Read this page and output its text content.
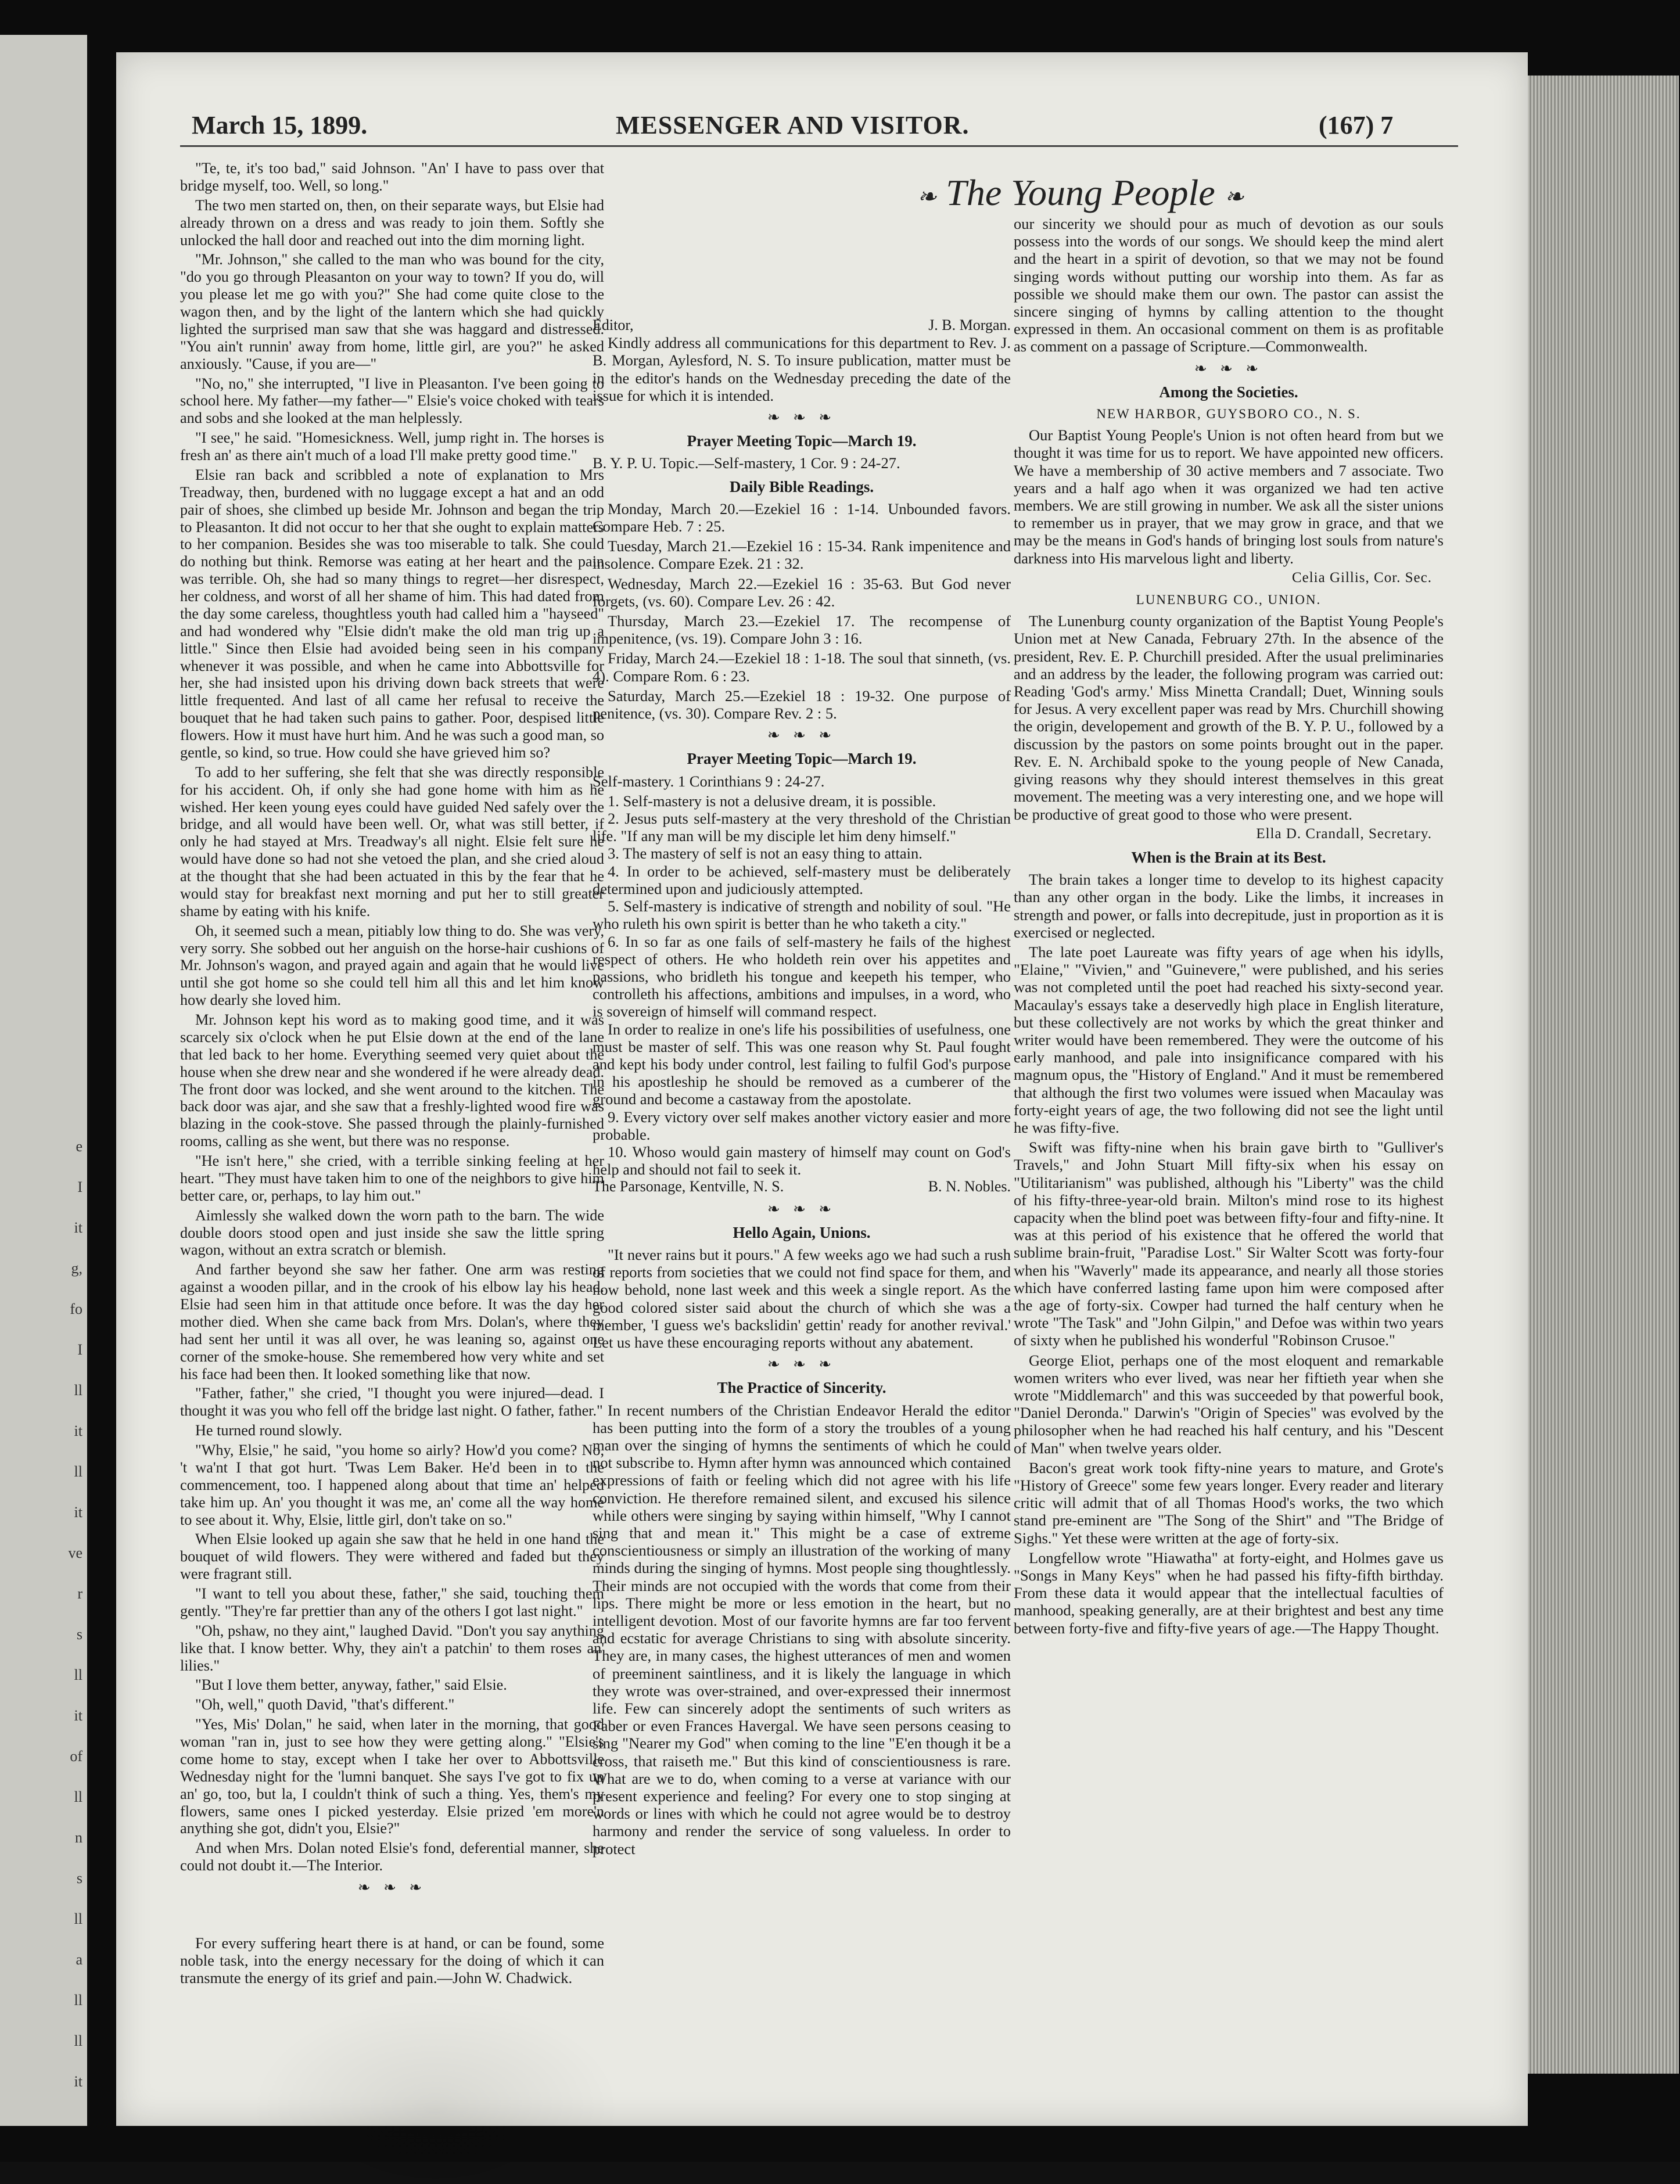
e
I
it
g,
fo
I
ll
it
ll
it
ve
r
s
ll
it
of
ll
n
s
ll
a
ll
ll
it
March 15, 1899.	MESSENGER AND VISITOR.	(167) 7
❧ The Young People ❧

"Te, te, it's too bad," said Johnson. "An' I have to pass over that bridge myself, too. Well, so long."

The two men started on, then, on their separate ways, but Elsie had already thrown on a dress and was ready to join them. Softly she unlocked the hall door and reached out into the dim morning light.

"Mr. Johnson," she called to the man who was bound for the city, "do you go through Pleasanton on your way to town? If you do, will you please let me go with you?" She had come quite close to the wagon then, and by the light of the lantern which she had quickly lighted the surprised man saw that she was haggard and distressed. "You ain't runnin' away from home, little girl, are you?" he asked anxiously. "Cause, if you are—"

"No, no," she interrupted, "I live in Pleasanton. I've been going to school here. My father—my father—" Elsie's voice choked with tears and sobs and she looked at the man helplessly.

"I see," he said. "Homesickness. Well, jump right in. The horses is fresh an' as there ain't much of a load I'll make pretty good time."

Elsie ran back and scribbled a note of explanation to Mrs Treadway, then, burdened with no luggage except a hat and an odd pair of shoes, she climbed up beside Mr. Johnson and began the trip to Pleasanton. It did not occur to her that she ought to explain matters to her companion. Besides she was too miserable to talk. She could do nothing but think. Remorse was eating at her heart and the pain was terrible. Oh, she had so many things to regret—her disrespect, her coldness, and worst of all her shame of him. This had dated from the day some careless, thoughtless youth had called him a "hayseed" and had wondered why "Elsie didn't make the old man trig up a little." Since then Elsie had avoided being seen in his company whenever it was possible, and when he came into Abbottsville for her, she had insisted upon his driving down back streets that were little frequented. And last of all came her refusal to receive the bouquet that he had taken such pains to gather. Poor, despised little flowers. How it must have hurt him. And he was such a good man, so gentle, so kind, so true. How could she have grieved him so?

To add to her suffering, she felt that she was directly responsible for his accident. Oh, if only she had gone home with him as he wished. Her keen young eyes could have guided Ned safely over the bridge, and all would have been well. Or, what was still better, if only he had stayed at Mrs. Treadway's all night. Elsie felt sure he would have done so had not she vetoed the plan, and she cried aloud at the thought that she had been actuated in this by the fear that he would stay for breakfast next morning and put her to still greater shame by eating with his knife.

Oh, it seemed such a mean, pitiably low thing to do. She was very, very sorry. She sobbed out her anguish on the horse-hair cushions of Mr. Johnson's wagon, and prayed again and again that he would live until she got home so she could tell him all this and let him know how dearly she loved him.

Mr. Johnson kept his word as to making good time, and it was scarcely six o'clock when he put Elsie down at the end of the lane that led back to her home. Everything seemed very quiet about the house when she drew near and she wondered if he were already dead. The front door was locked, and she went around to the kitchen. The back door was ajar, and she saw that a freshly-lighted wood fire was blazing in the cook-stove. She passed through the plainly-furnished rooms, calling as she went, but there was no response.

"He isn't here," she cried, with a terrible sinking feeling at her heart. "They must have taken him to one of the neighbors to give him better care, or, perhaps, to lay him out."

Aimlessly she walked down the worn path to the barn. The wide double doors stood open and just inside she saw the little spring wagon, without an extra scratch or blemish.

And farther beyond she saw her father. One arm was resting against a wooden pillar, and in the crook of his elbow lay his head. Elsie had seen him in that attitude once before. It was the day her mother died. When she came back from Mrs. Dolan's, where they had sent her until it was all over, he was leaning so, against one corner of the smoke-house. She remembered how very white and set his face had been then. It looked something like that now.

"Father, father," she cried, "I thought you were injured—dead. I thought it was you who fell off the bridge last night. O father, father."

He turned round slowly.

"Why, Elsie," he said, "you home so airly? How'd you come? No, 't wa'nt I that got hurt. 'Twas Lem Baker. He'd been in to the commencement, too. I happened along about that time an' helped take him up. An' you thought it was me, an' come all the way home to see about it. Why, Elsie, little girl, don't take on so."

When Elsie looked up again she saw that he held in one hand the bouquet of wild flowers. They were withered and faded but they were fragrant still.

"I want to tell you about these, father," she said, touching them gently. "They're far prettier than any of the others I got last night."

"Oh, pshaw, no they aint," laughed David. "Don't you say anything like that. I know better. Why, they ain't a patchin' to them roses an' lilies."

"But I love them better, anyway, father," said Elsie.

"Oh, well," quoth David, "that's different."

"Yes, Mis' Dolan," he said, when later in the morning, that good woman "ran in, just to see how they were getting along." "Elsie's come home to stay, except when I take her over to Abbottsville Wednesday night for the 'lumni banquet. She says I've got to fix up an' go, too, but la, I couldn't think of such a thing. Yes, them's my flowers, same ones I picked yesterday. Elsie prized 'em more'n anything she got, didn't you, Elsie?"

And when Mrs. Dolan noted Elsie's fond, deferential manner, she could not doubt it.—The Interior.

❧ ❧ ❧

For every suffering heart there is at hand, or can be found, some noble task, into the energy necessary for the doing of which it can transmute the energy of its grief and pain.—John W. Chadwick.

Editor,	J. B. Morgan.

Kindly address all communications for this department to Rev. J. B. Morgan, Aylesford, N. S. To insure publication, matter must be in the editor's hands on the Wednesday preceding the date of the issue for which it is intended.

❧ ❧ ❧
Prayer Meeting Topic—March 19.

B. Y. P. U. Topic.—Self-mastery, 1 Cor. 9 : 24-27.

Daily Bible Readings.

Monday, March 20.—Ezekiel 16 : 1-14. Unbounded favors. Compare Heb. 7 : 25.

Tuesday, March 21.—Ezekiel 16 : 15-34. Rank impenitence and insolence. Compare Ezek. 21 : 32.

Wednesday, March 22.—Ezekiel 16 : 35-63. But God never forgets, (vs. 60). Compare Lev. 26 : 42.

Thursday, March 23.—Ezekiel 17. The recompense of impenitence, (vs. 19). Compare John 3 : 16.

Friday, March 24.—Ezekiel 18 : 1-18. The soul that sinneth, (vs. 4). Compare Rom. 6 : 23.

Saturday, March 25.—Ezekiel 18 : 19-32. One purpose of penitence, (vs. 30). Compare Rev. 2 : 5.

❧ ❧ ❧
Prayer Meeting Topic—March 19.

Self-mastery. 1 Corinthians 9 : 24-27.

1. Self-mastery is not a delusive dream, it is possible.
2. Jesus puts self-mastery at the very threshold of the Christian life. "If any man will be my disciple let him deny himself."
3. The mastery of self is not an easy thing to attain.
4. In order to be achieved, self-mastery must be deliberately determined upon and judiciously attempted.
5. Self-mastery is indicative of strength and nobility of soul. "He who ruleth his own spirit is better than he who taketh a city."
6. In so far as one fails of self-mastery he fails of the highest respect of others. He who holdeth rein over his appetites and passions, who bridleth his tongue and keepeth his temper, who controlleth his affections, ambitions and impulses, in a word, who is sovereign of himself will command respect.
In order to realize in one's life his possibilities of usefulness, one must be master of self. This was one reason why St. Paul fought and kept his body under control, lest failing to fulfil God's purpose in his apostleship he should be removed as a cumberer of the ground and become a castaway from the apostolate.
9. Every victory over self makes another victory easier and more probable.
10. Whoso would gain mastery of himself may count on God's help and should not fail to seek it.
The Parsonage, Kentville, N. S.	B. N. Nobles.
❧ ❧ ❧
Hello Again, Unions.

"It never rains but it pours." A few weeks ago we had such a rush of reports from societies that we could not find space for them, and now behold, none last week and this week a single report. As the good colored sister said about the church of which she was a member, 'I guess we's backslidin' gettin' ready for another revival.' Let us have these encouraging reports without any abatement.

❧ ❧ ❧
The Practice of Sincerity.

In recent numbers of the Christian Endeavor Herald the editor has been putting into the form of a story the troubles of a young man over the singing of hymns the sentiments of which he could not subscribe to. Hymn after hymn was announced which contained expressions of faith or feeling which did not agree with his life conviction. He therefore remained silent, and excused his silence while others were singing by saying within himself, "Why I cannot sing that and mean it." This might be a case of extreme conscientiousness or simply an illustration of the working of many minds during the singing of hymns. Most people sing thoughtlessly. Their minds are not occupied with the words that come from their lips. There might be more or less emotion in the heart, but no intelligent devotion. Most of our favorite hymns are far too fervent and ecstatic for average Christians to sing with absolute sincerity. They are, in many cases, the highest utterances of men and women of preeminent saintliness, and it is likely the language in which they wrote was over-strained, and over-expressed their innermost life. Few can sincerely adopt the sentiments of such writers as Faber or even Frances Havergal. We have seen persons ceasing to sing "Nearer my God" when coming to the line "E'en though it be a cross, that raiseth me." But this kind of conscientiousness is rare. What are we to do, when coming to a verse at variance with our present experience and feeling? For every one to stop singing at words or lines with which he could not agree would be to destroy harmony and render the service of song valueless. In order to protect

our sincerity we should pour as much of devotion as our souls possess into the words of our songs. We should keep the mind alert and the heart in a spirit of devotion, so that we may not be found singing words without putting our worship into them. As far as possible we should make them our own. The pastor can assist the sincere singing of hymns by calling attention to the thought expressed in them. An occasional comment on them is as profitable as comment on a passage of Scripture.—Commonwealth.

❧ ❧ ❧
Among the Societies.
NEW HARBOR, GUYSBORO CO., N. S.

Our Baptist Young People's Union is not often heard from but we thought it was time for us to report. We have appointed new officers. We have a membership of 30 active members and 7 associate. Two years and a half ago when it was organized we had ten active members. We are still growing in number. We ask all the sister unions to remember us in prayer, that we may grow in grace, and that we may be the means in God's hands of bringing lost souls from nature's darkness into His marvelous light and liberty.

Celia Gillis, Cor. Sec.
LUNENBURG CO., UNION.

The Lunenburg county organization of the Baptist Young People's Union met at New Canada, February 27th. In the absence of the president, Rev. E. P. Churchill presided. After the usual preliminaries and an address by the leader, the following program was carried out: Reading 'God's army.' Miss Minetta Crandall; Duet, Winning souls for Jesus. A very excellent paper was read by Mrs. Churchill showing the origin, developement and growth of the B. Y. P. U., followed by a discussion by the pastors on some points brought out in the paper. Rev. E. N. Archibald spoke to the young people of New Canada, giving reasons why they should interest themselves in this great movement. The meeting was a very interesting one, and we hope will be productive of great good to those who were present.

Ella D. Crandall, Secretary.
When is the Brain at its Best.

The brain takes a longer time to develop to its highest capacity than any other organ in the body. Like the limbs, it increases in strength and power, or falls into decrepitude, just in proportion as it is exercised or neglected.

The late poet Laureate was fifty years of age when his idylls, "Elaine," "Vivien," and "Guinevere," were published, and his series was not completed until the poet had reached his sixty-second year. Macaulay's essays take a deservedly high place in English literature, but these collectively are not works by which the great thinker and writer would have been remembered. They were the outcome of his early manhood, and pale into insignificance compared with his magnum opus, the "History of England." And it must be remembered that although the first two volumes were issued when Macaulay was forty-eight years of age, the two following did not see the light until he was fifty-five.

Swift was fifty-nine when his brain gave birth to "Gulliver's Travels," and John Stuart Mill fifty-six when his essay on "Utilitarianism" was published, although his "Liberty" was the child of his fifty-three-year-old brain. Milton's mind rose to its highest capacity when the blind poet was between fifty-four and fifty-nine. It was at this period of his existence that he offered the world that sublime brain-fruit, "Paradise Lost." Sir Walter Scott was forty-four when his "Waverly" made its appearance, and nearly all those stories which have conferred lasting fame upon him were composed after the age of forty-six. Cowper had turned the half century when he wrote "The Task" and "John Gilpin," and Defoe was within two years of sixty when he published his wonderful "Robinson Crusoe."

George Eliot, perhaps one of the most eloquent and remarkable women writers who ever lived, was near her fiftieth year when she wrote "Middlemarch" and this was succeeded by that powerful book, "Daniel Deronda." Darwin's "Origin of Species" was evolved by the philosopher when he had reached his half century, and his "Descent of Man" when twelve years older.

Bacon's great work took fifty-nine years to mature, and Grote's "History of Greece" some few years longer. Every reader and literary critic will admit that of all Thomas Hood's works, the two which stand pre-eminent are "The Song of the Shirt" and "The Bridge of Sighs." Yet these were written at the age of forty-six.

Longfellow wrote "Hiawatha" at forty-eight, and Holmes gave us "Songs in Many Keys" when he had passed his fifty-fifth birthday. From these data it would appear that the intellectual faculties of manhood, speaking generally, are at their brightest and best any time between forty-five and fifty-five years of age.—The Happy Thought.
